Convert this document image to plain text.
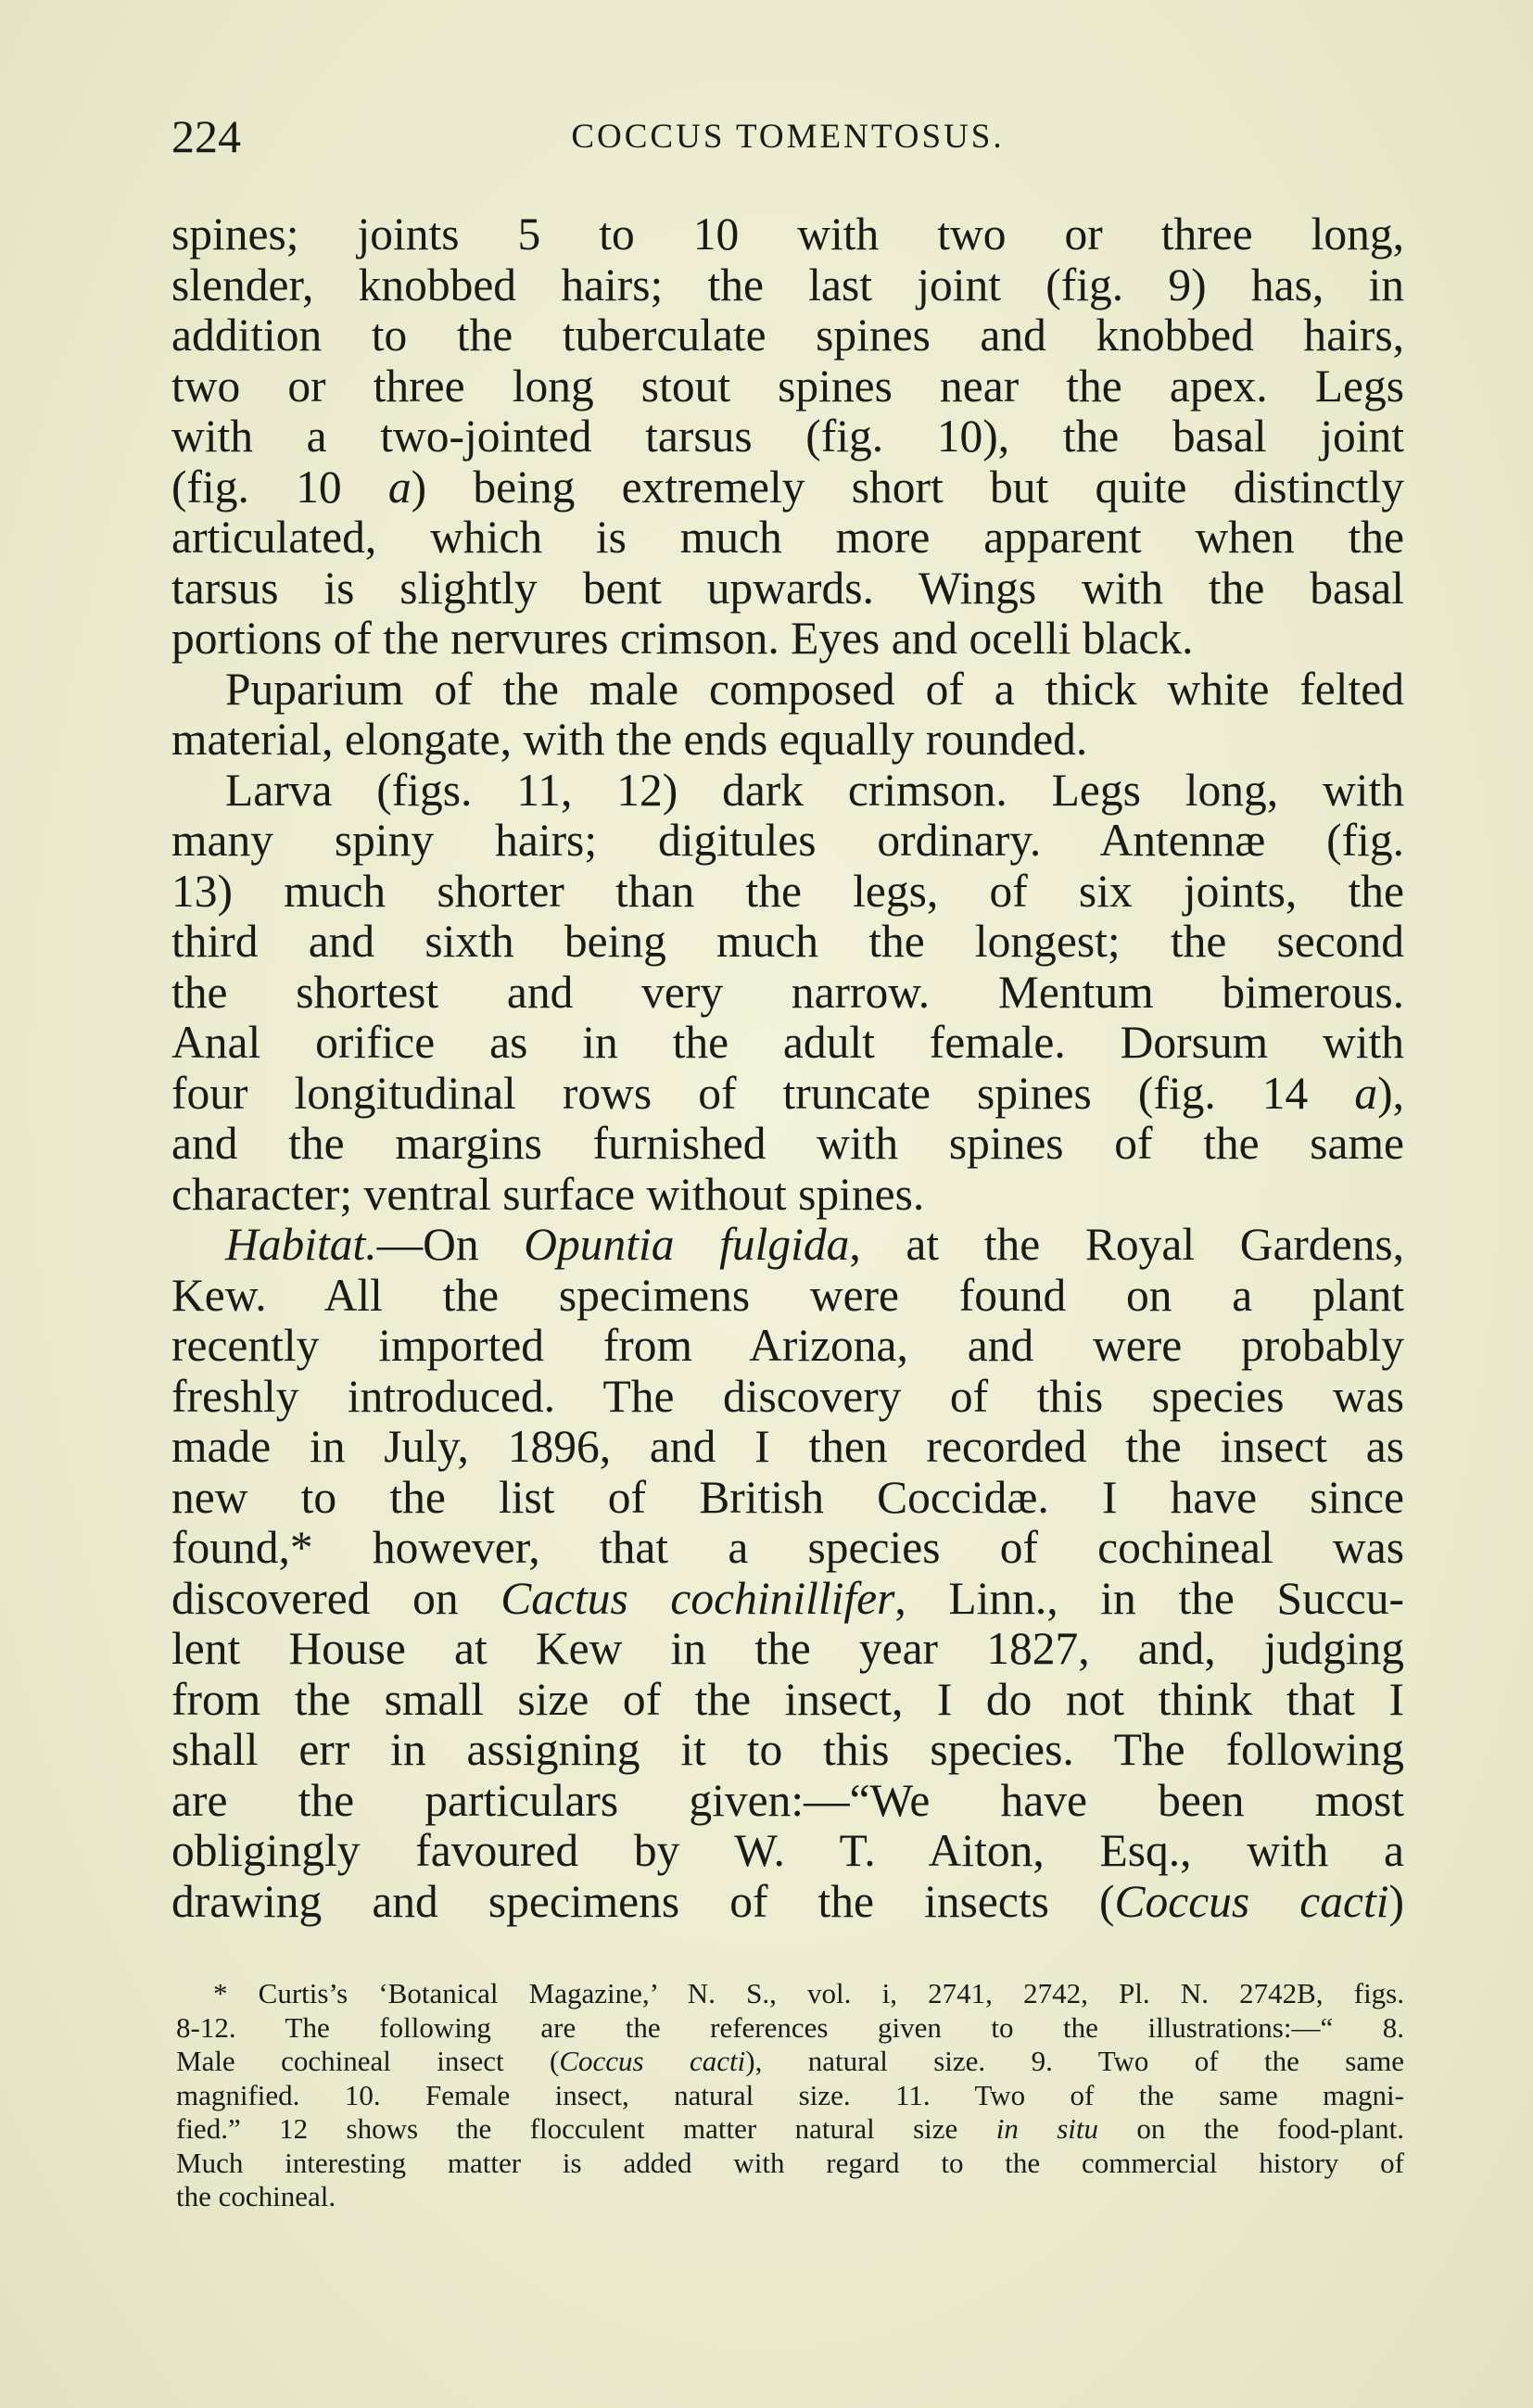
224	COCCUS TOMENTOSUS.
spines; joints 5 to 10 with two or three long,
slender, knobbed hairs; the last joint (fig. 9) has, in
addition to the tuberculate spines and knobbed hairs,
two or three long stout spines near the apex. Legs
with a two-jointed tarsus (fig. 10), the basal joint
(fig. 10 a) being extremely short but quite distinctly
articulated, which is much more apparent when the
tarsus is slightly bent upwards. Wings with the basal
portions of the nervures crimson. Eyes and ocelli black.
Puparium of the male composed of a thick white felted
material, elongate, with the ends equally rounded.
Larva (figs. 11, 12) dark crimson. Legs long, with
many spiny hairs; digitules ordinary. Antennæ (fig.
13) much shorter than the legs, of six joints, the
third and sixth being much the longest; the second
the shortest and very narrow. Mentum bimerous.
Anal orifice as in the adult female. Dorsum with
four longitudinal rows of truncate spines (fig. 14 a),
and the margins furnished with spines of the same
character; ventral surface without spines.
Habitat.—On Opuntia fulgida, at the Royal Gardens,
Kew. All the specimens were found on a plant
recently imported from Arizona, and were probably
freshly introduced. The discovery of this species was
made in July, 1896, and I then recorded the insect as
new to the list of British Coccidæ. I have since
found,* however, that a species of cochineal was
discovered on Cactus cochinillifer, Linn., in the Succu-
lent House at Kew in the year 1827, and, judging
from the small size of the insect, I do not think that I
shall err in assigning it to this species. The following
are the particulars given:—“We have been most
obligingly favoured by W. T. Aiton, Esq., with a
drawing and specimens of the insects (Coccus cacti)
* Curtis’s ‘Botanical Magazine,’ N. S., vol. i, 2741, 2742, Pl. N. 2742B, figs.
8-12. The following are the references given to the illustrations:—“ 8.
Male cochineal insect (Coccus cacti), natural size. 9. Two of the same
magnified. 10. Female insect, natural size. 11. Two of the same magni-
fied.” 12 shows the flocculent matter natural size in situ on the food-plant.
Much interesting matter is added with regard to the commercial history of
the cochineal.
